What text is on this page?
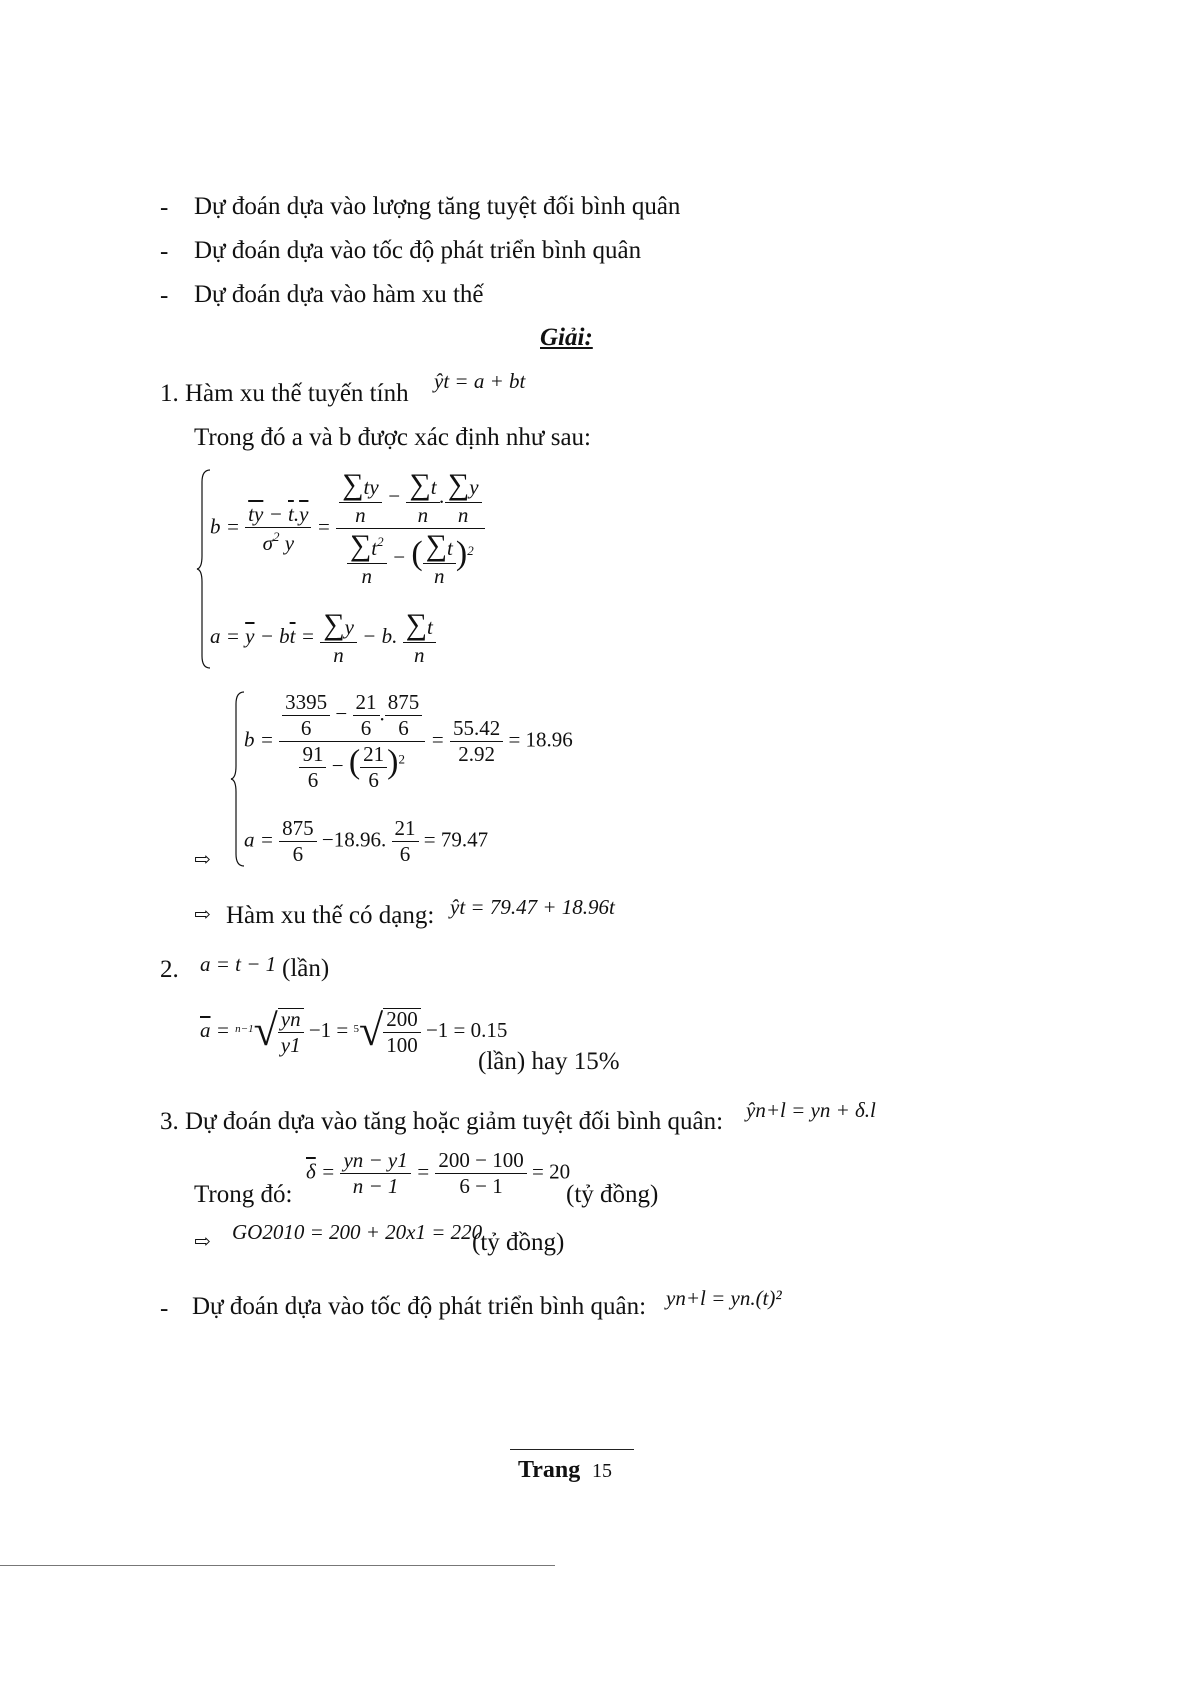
- Dự đoán dựa vào lượng tăng tuyệt đối bình quân
- Dự đoán dựa vào tốc độ phát triển bình quân
- Dự đoán dựa vào hàm xu thế
Giải:
1. Hàm xu thế tuyến tính ŷt = a + bt
Trong đó a và b được xác định như sau:
$b = \frac{\overline{ty} - \overline{t}.\overline{y}}{\sigma^2 y} = \frac{\frac{\sum ty}{n} - \frac{\sum t}{n} . \frac{\sum y}{n}}{\frac{\sum t^2}{n} - ( \frac{\sum t}{n} )^2}$
$a = \overline{y} - b\overline{t} = \frac{\sum y}{n} - b$. $\frac{\sum t}{n}$
$b = \frac{\frac{3395}{6} - \frac{21}{6} . \frac{875}{6}}{\frac{91}{6} - ( \frac{21}{6} )^2} = \frac{55.42}{2.92} = 18.96$
$a = \frac{875}{6} -18.96$. $\frac{21}{6} = 79.47$
⇨
⇨ Hàm xu thế có dạng: ŷt = 79.47 + 18.96t
2. a = t − 1 (lần)
$\overline{a} = ^{n-1}√ \frac{yn}{y1} -1 = ^5√ \frac{200}{100} -1 = 0.15$
(lần) hay 15%
3. Dự đoán dựa vào tăng hoặc giảm tuyệt đối bình quân: ŷn+l = yn + δ.l
Trong đó:
$\overline{\delta} = \frac{yn - y1}{n - 1} = \frac{200 - 100}{6 - 1} = 20$
(tỷ đồng)
⇨ GO2010 = 200 + 20x1 = 220
(tỷ đồng)
- Dự đoán dựa vào tốc độ phát triển bình quân: yn+l = yn.(t)²
Trang 15
